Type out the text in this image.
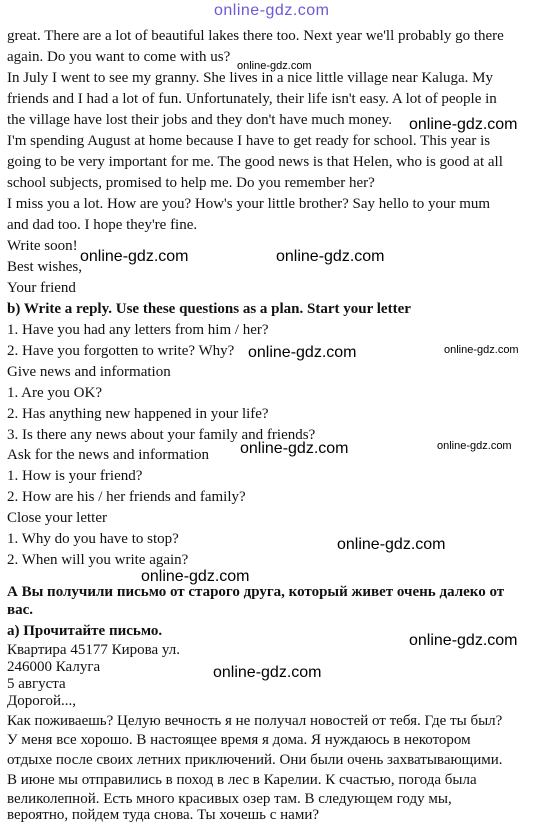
online-gdz.com
great. There are a lot of beautiful lakes there too. Next year we'll probably go there
again. Do you want to come with us?
In July I went to see my granny. She lives in a nice little village near Kaluga. My
friends and I had a lot of fun. Unfortunately, their life isn't easy. A lot of people in
the village have lost their jobs and they don't have much money.
I'm spending August at home because I have to get ready for school. This year is
going to be very important for me. The good news is that Helen, who is good at all
school subjects, promised to help me. Do you remember her?
I miss you a lot. How are you? How's your little brother? Say hello to your mum
and dad too. I hope they're fine.
Write soon!
Best wishes,
Your friend
b) Write a reply. Use these questions as a plan. Start your letter
1. Have you had any letters from him / her?
2. Have you forgotten to write? Why?
Give news and information
1. Are you OK?
2. Has anything new happened in your life?
3. Is there any news about your family and friends?
Ask for the news and information
1. How is your friend?
2. How are his / her friends and family?
Close your letter
1. Why do you have to stop?
2. When will you write again?
А Вы получили письмо от старого друга, который живет очень далеко от
вас.
а) Прочитайте письмо.
Квартира 45177 Кирова ул.
246000 Калуга
5 августа
Дорогой...,
Как поживаешь? Целую вечность я не получал новостей от тебя. Где ты был?
У меня все хорошо. В настоящее время я дома. Я нуждаюсь в некотором
отдыхе после своих летних приключений. Они были очень захватывающими.
В июне мы отправились в поход в лес в Карелии. К счастью, погода была
великолепной. Есть много красивых озер там. В следующем году мы,
вероятно, пойдем туда снова. Ты хочешь с нами?
online-gdz.com
online-gdz.com
online-gdz.com	online-gdz.com
online-gdz.com	online-gdz.com
online-gdz.com	online-gdz.com
online-gdz.com
online-gdz.com
online-gdz.com
online-gdz.com
